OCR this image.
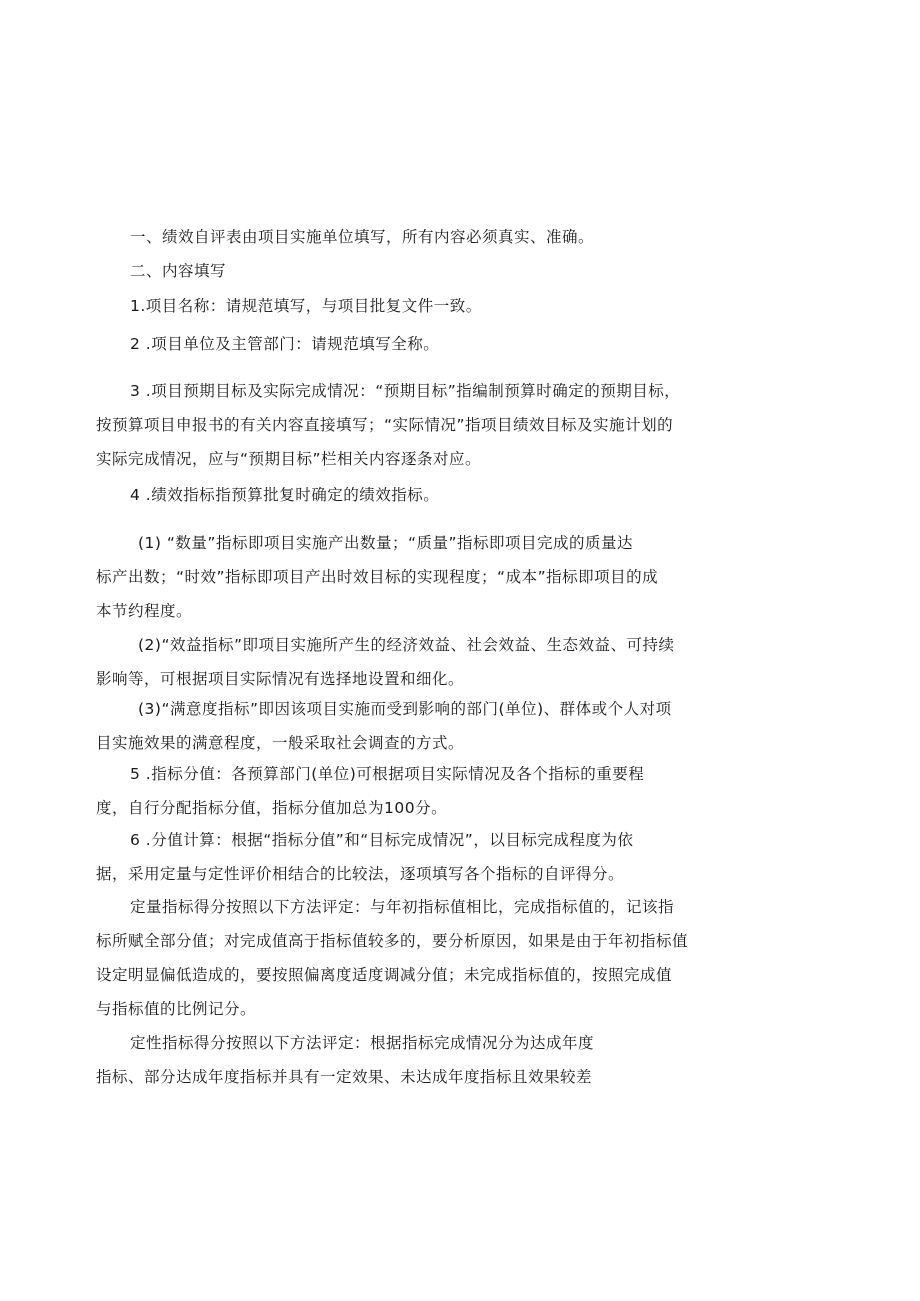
一、绩效自评表由项目实施单位填写，所有内容必须真实、准确。
二、内容填写
1.项目名称：请规范填写，与项目批复文件一致。
2 .项目单位及主管部门：请规范填写全称。
3 .项目预期目标及实际完成情况：“预期目标”指编制预算时确定的预期目标，
按预算项目申报书的有关内容直接填写；“实际情况”指项目绩效目标及实施计划的
实际完成情况，应与“预期目标”栏相关内容逐条对应。
4 .绩效指标指预算批复时确定的绩效指标。
(1) “数量”指标即项目实施产出数量；“质量”指标即项目完成的质量达
标产出数；“时效”指标即项目产出时效目标的实现程度；“成本”指标即项目的成
本节约程度。
(2)“效益指标”即项目实施所产生的经济效益、社会效益、生态效益、可持续
影响等，可根据项目实际情况有选择地设置和细化。
(3)“满意度指标”即因该项目实施而受到影响的部门(单位)、群体或个人对项
目实施效果的满意程度，一般采取社会调查的方式。
5 .指标分值：各预算部门(单位)可根据项目实际情况及各个指标的重要程
度，自行分配指标分值，指标分值加总为100分。
6 .分值计算：根据“指标分值”和“目标完成情况”，以目标完成程度为依
据，采用定量与定性评价相结合的比较法，逐项填写各个指标的自评得分。
定量指标得分按照以下方法评定：与年初指标值相比，完成指标值的，记该指
标所赋全部分值；对完成值高于指标值较多的，要分析原因，如果是由于年初指标值
设定明显偏低造成的，要按照偏离度适度调减分值；未完成指标值的，按照完成值
与指标值的比例记分。
定性指标得分按照以下方法评定：根据指标完成情况分为达成年度
指标、部分达成年度指标并具有一定效果、未达成年度指标且效果较差
